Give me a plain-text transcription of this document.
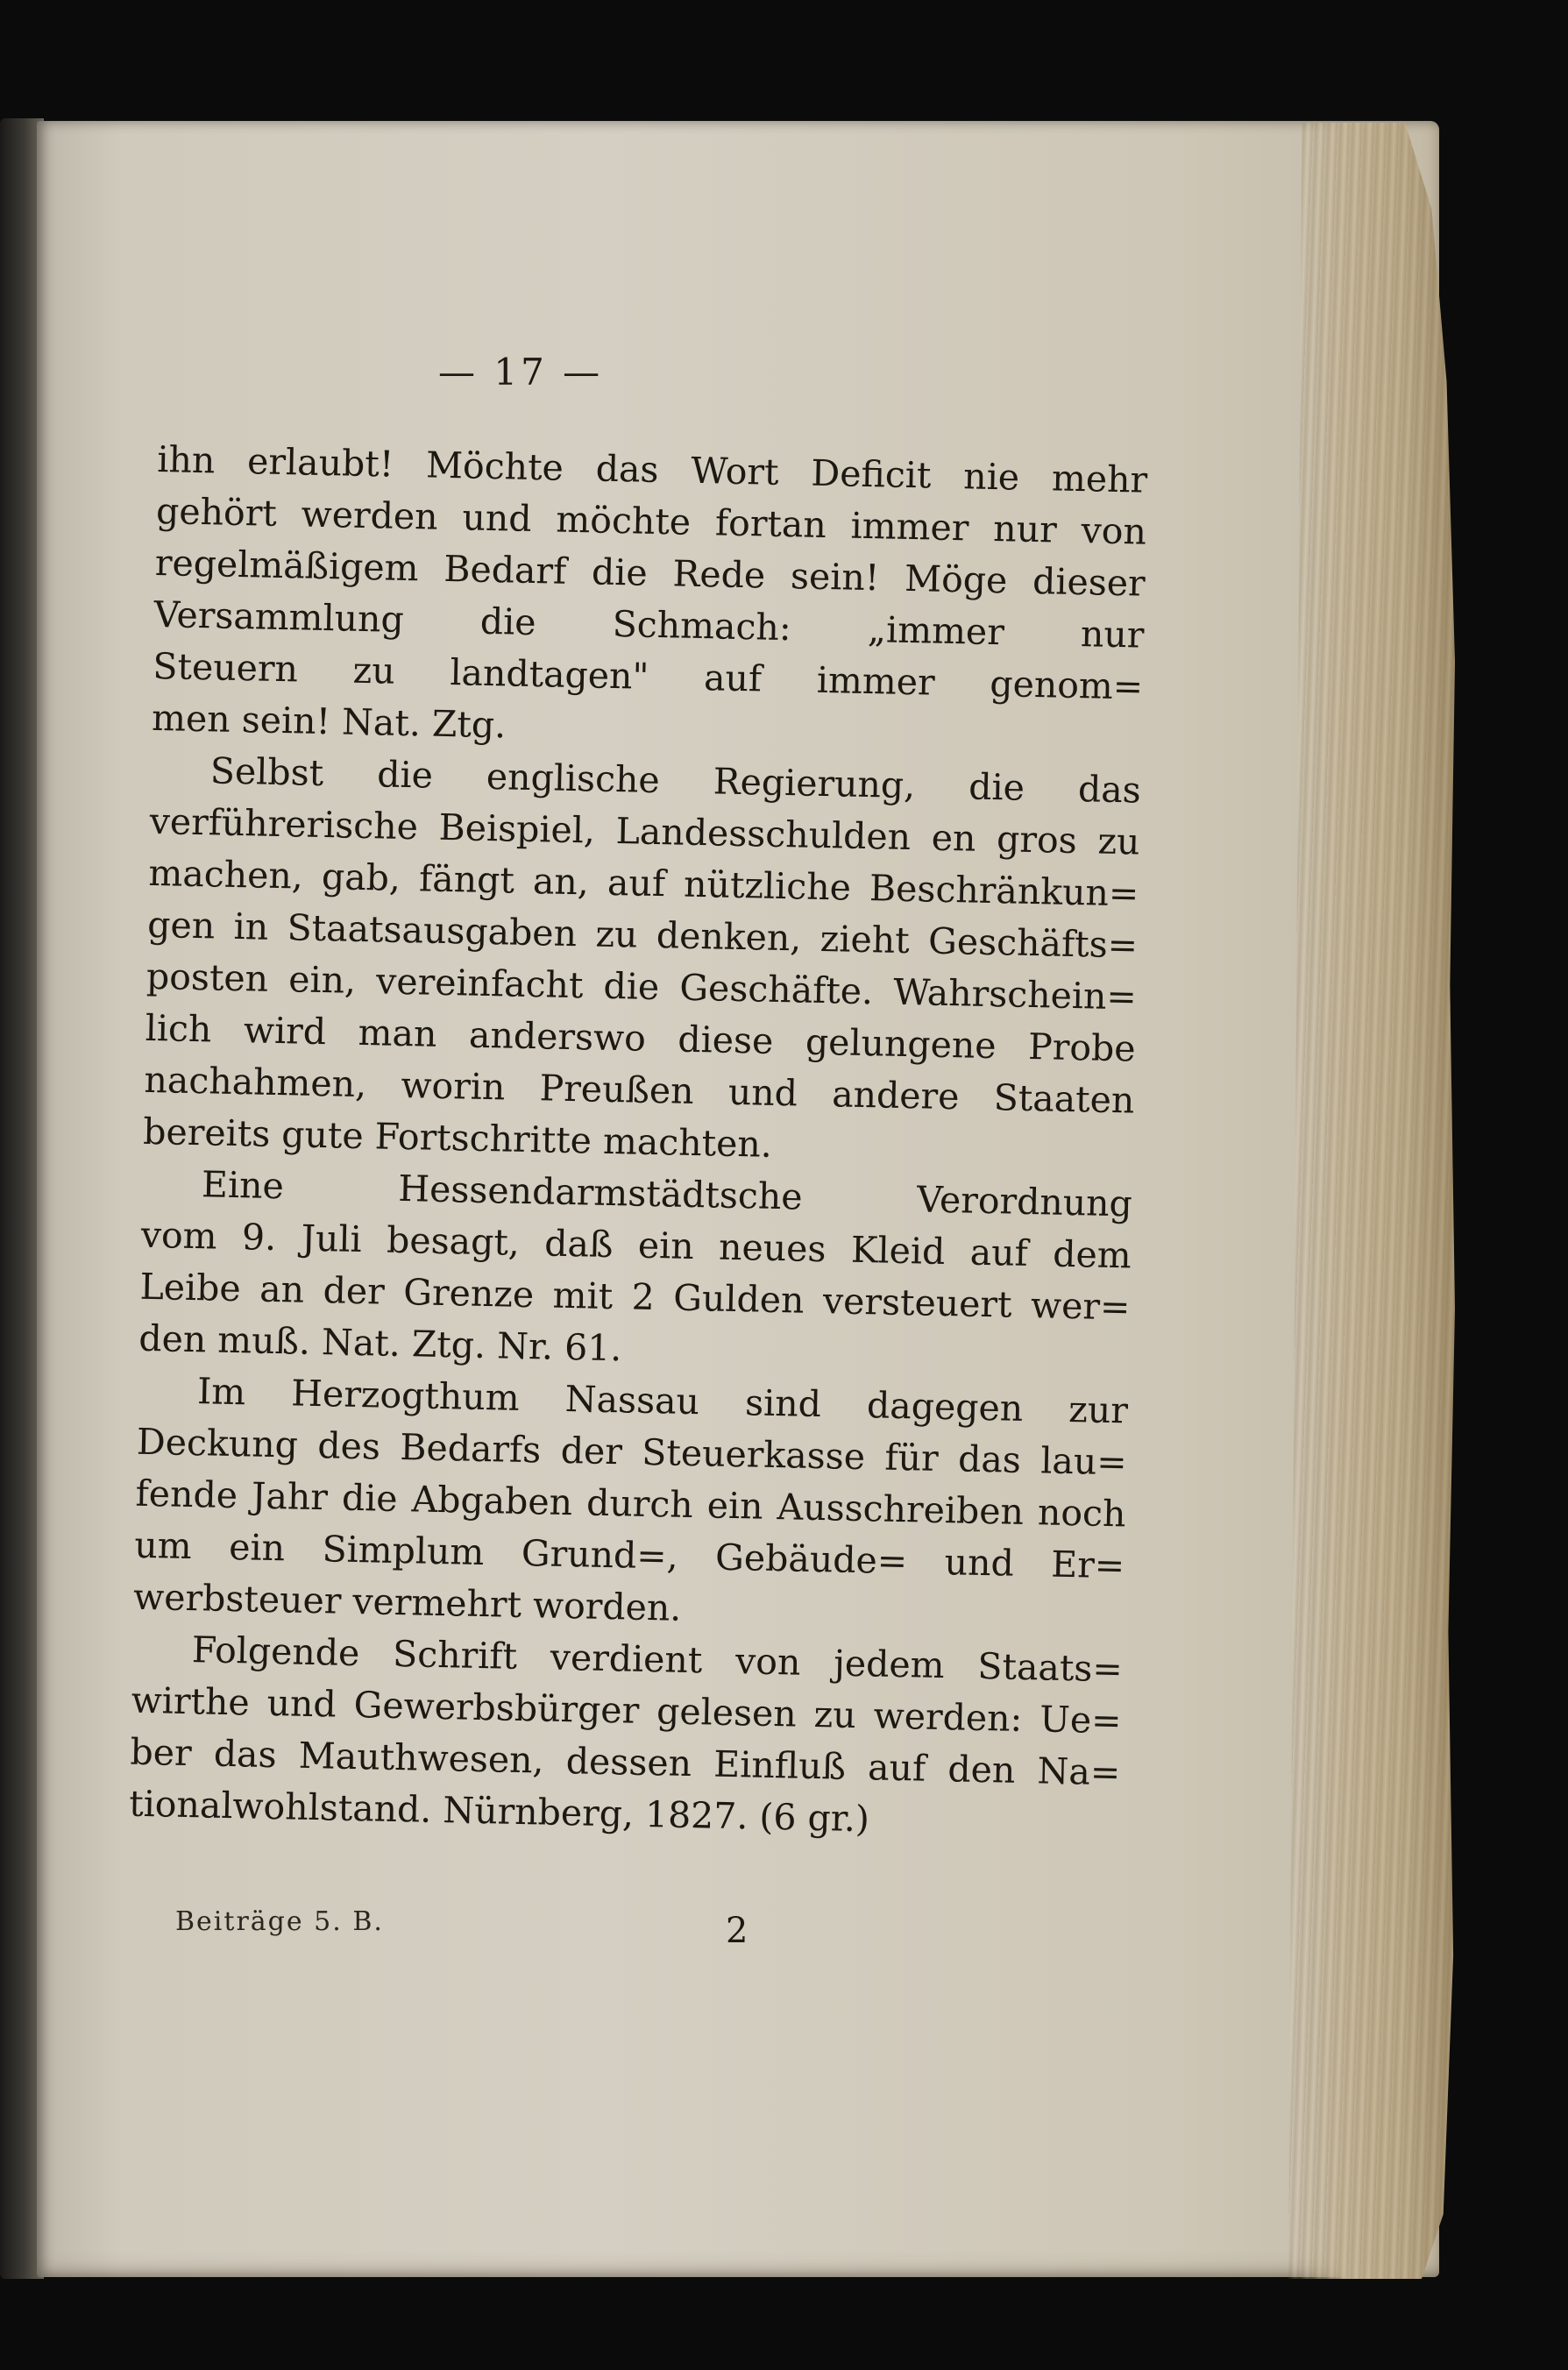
— 17 —
ihn erlaubt! Möchte das Wort Deficit nie mehr
gehört werden und möchte fortan immer nur von
regelmäßigem Bedarf die Rede sein! Möge dieser
Versammlung die Schmach: „immer nur
Steuern zu landtagen" auf immer genom=
men sein! Nat. Ztg.
Selbst die englische Regierung, die das
verführerische Beispiel, Landesschulden en gros zu
machen, gab, fängt an, auf nützliche Beschränkun=
gen in Staatsausgaben zu denken, zieht Geschäfts=
posten ein, vereinfacht die Geschäfte. Wahrschein=
lich wird man anderswo diese gelungene Probe
nachahmen, worin Preußen und andere Staaten
bereits gute Fortschritte machten.
Eine Hessendarmstädtsche Verordnung
vom 9. Juli besagt, daß ein neues Kleid auf dem
Leibe an der Grenze mit 2 Gulden versteuert wer=
den muß. Nat. Ztg. Nr. 61.
Im Herzogthum Nassau sind dagegen zur
Deckung des Bedarfs der Steuerkasse für das lau=
fende Jahr die Abgaben durch ein Ausschreiben noch
um ein Simplum Grund=, Gebäude= und Er=
werbsteuer vermehrt worden.
Folgende Schrift verdient von jedem Staats=
wirthe und Gewerbsbürger gelesen zu werden: Ue=
ber das Mauthwesen, dessen Einfluß auf den Na=
tionalwohlstand. Nürnberg, 1827. (6 gr.)
Beiträge 5. B.	2
